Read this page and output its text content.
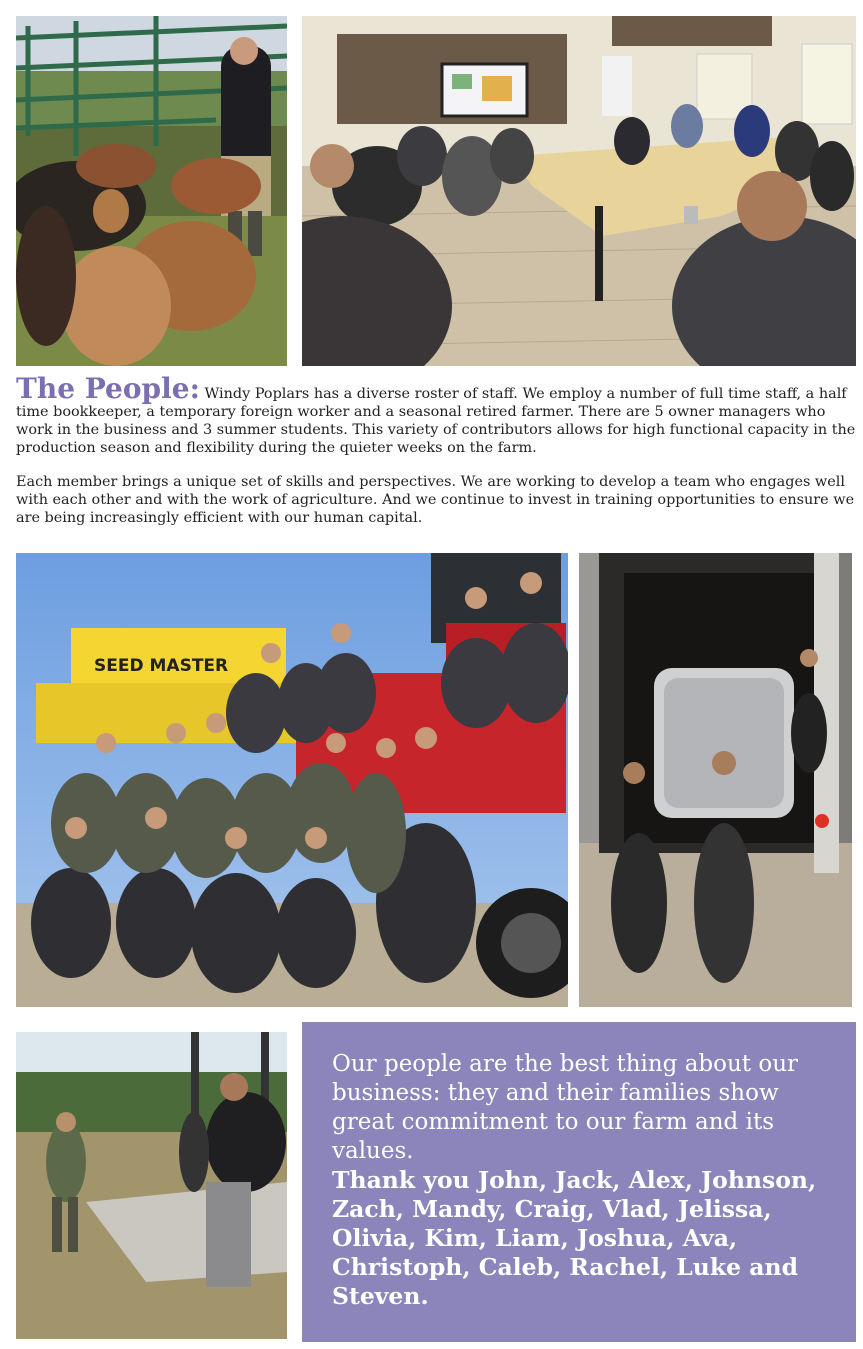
The People: Windy Poplars has a diverse roster of staff. We employ a number of full time staff, a half time bookkeeper, a temporary foreign worker and a seasonal retired farmer. There are 5 owner managers who work in the business and 3 summer students. This variety of contributors allows for high functional capacity in the production season and flexibility during the quieter weeks on the farm.

Each member brings a unique set of skills and perspectives. We are working to develop a team who engages well with each other and with the work of agriculture. And we continue to invest in training opportunities to ensure we are being increasingly efficient with our human capital.

SEED MASTER

Our people are the best thing about our business: they and their families show great commitment to our farm and its values.

Thank you John, Jack, Alex, Johnson, Zach, Mandy, Craig, Vlad, Jelissa, Olivia, Kim, Liam, Joshua, Ava, Christoph, Caleb, Rachel, Luke and Steven.
